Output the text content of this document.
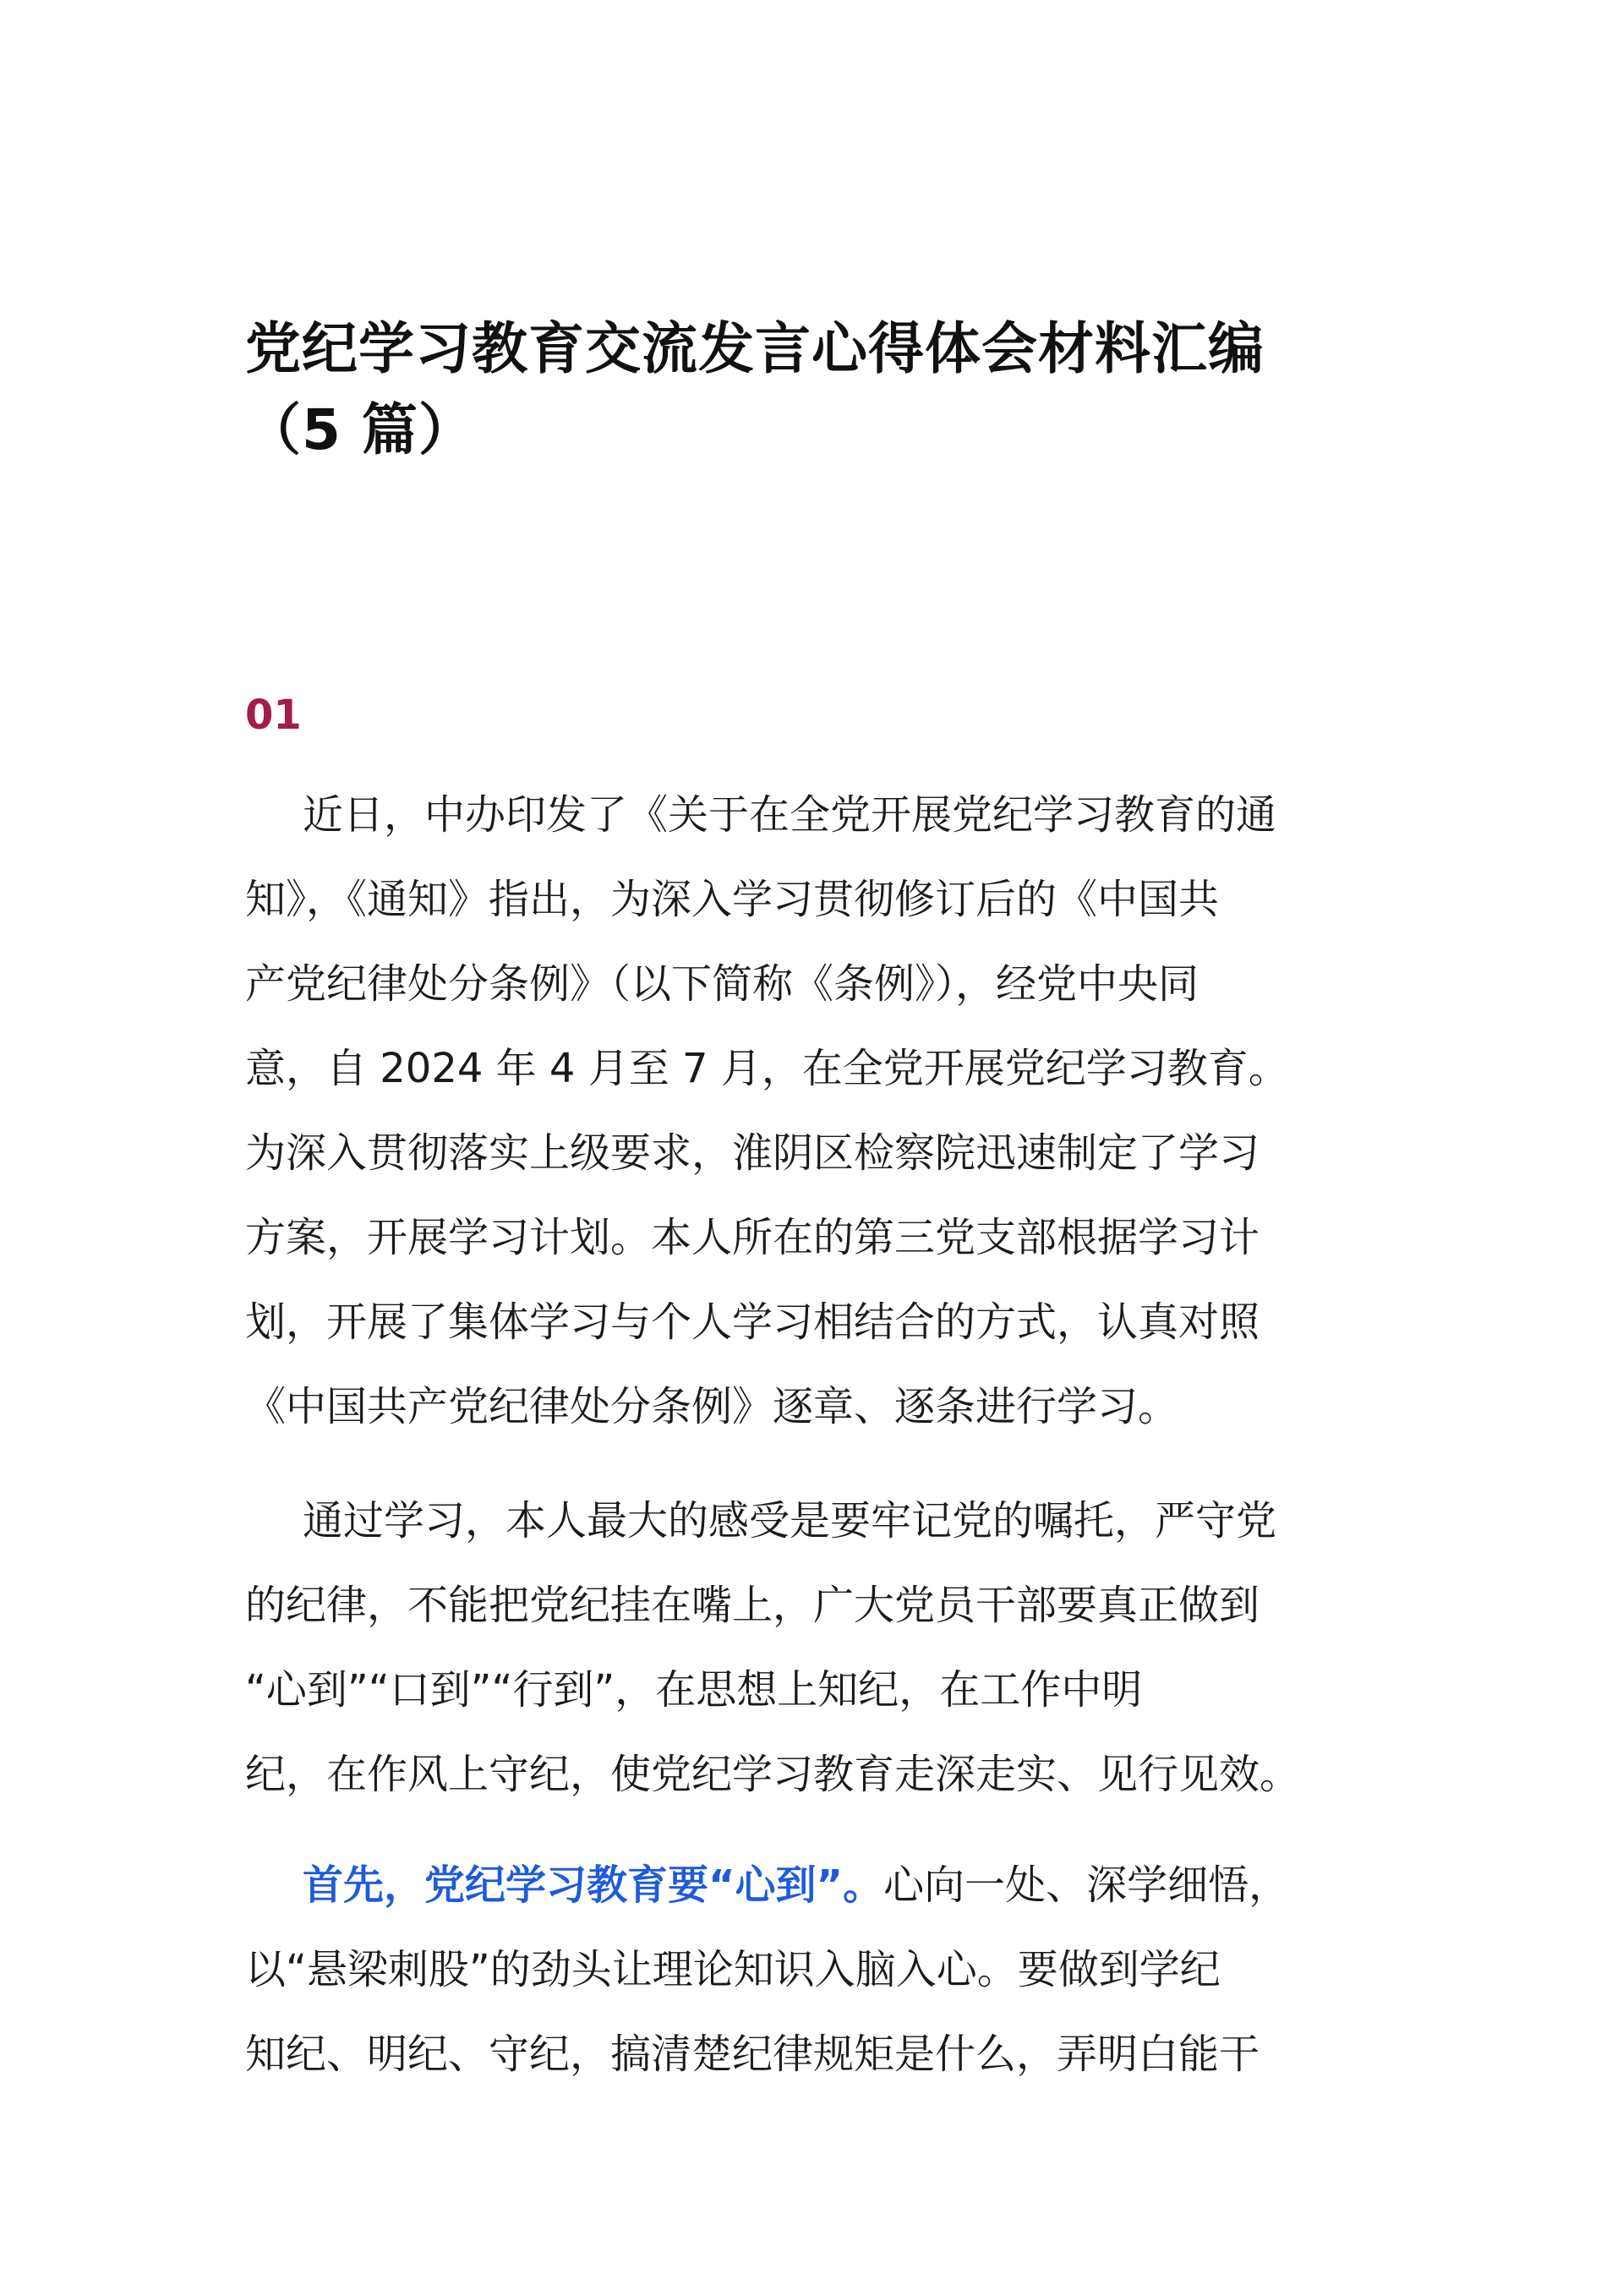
党纪学习教育交流发言心得体会材料汇编
（5 篇）
01

近日，中办印发了《关于在全党开展党纪学习教育的通
知》，《通知》指出，为深入学习贯彻修订后的《中国共
产党纪律处分条例》（以下简称《条例》），经党中央同
意，自 2024 年 4 月至 7 月，在全党开展党纪学习教育。
为深入贯彻落实上级要求，淮阴区检察院迅速制定了学习
方案，开展学习计划。本人所在的第三党支部根据学习计
划，开展了集体学习与个人学习相结合的方式，认真对照
《中国共产党纪律处分条例》逐章、逐条进行学习。

通过学习，本人最大的感受是要牢记党的嘱托，严守党
的纪律，不能把党纪挂在嘴上，广大党员干部要真正做到
“心到”“口到”“行到”，在思想上知纪，在工作中明
纪，在作风上守纪，使党纪学习教育走深走实、见行见效。

首先，党纪学习教育要“心到”。心向一处、深学细悟，
以“悬梁刺股”的劲头让理论知识入脑入心。要做到学纪
知纪、明纪、守纪，搞清楚纪律规矩是什么，弄明白能干
